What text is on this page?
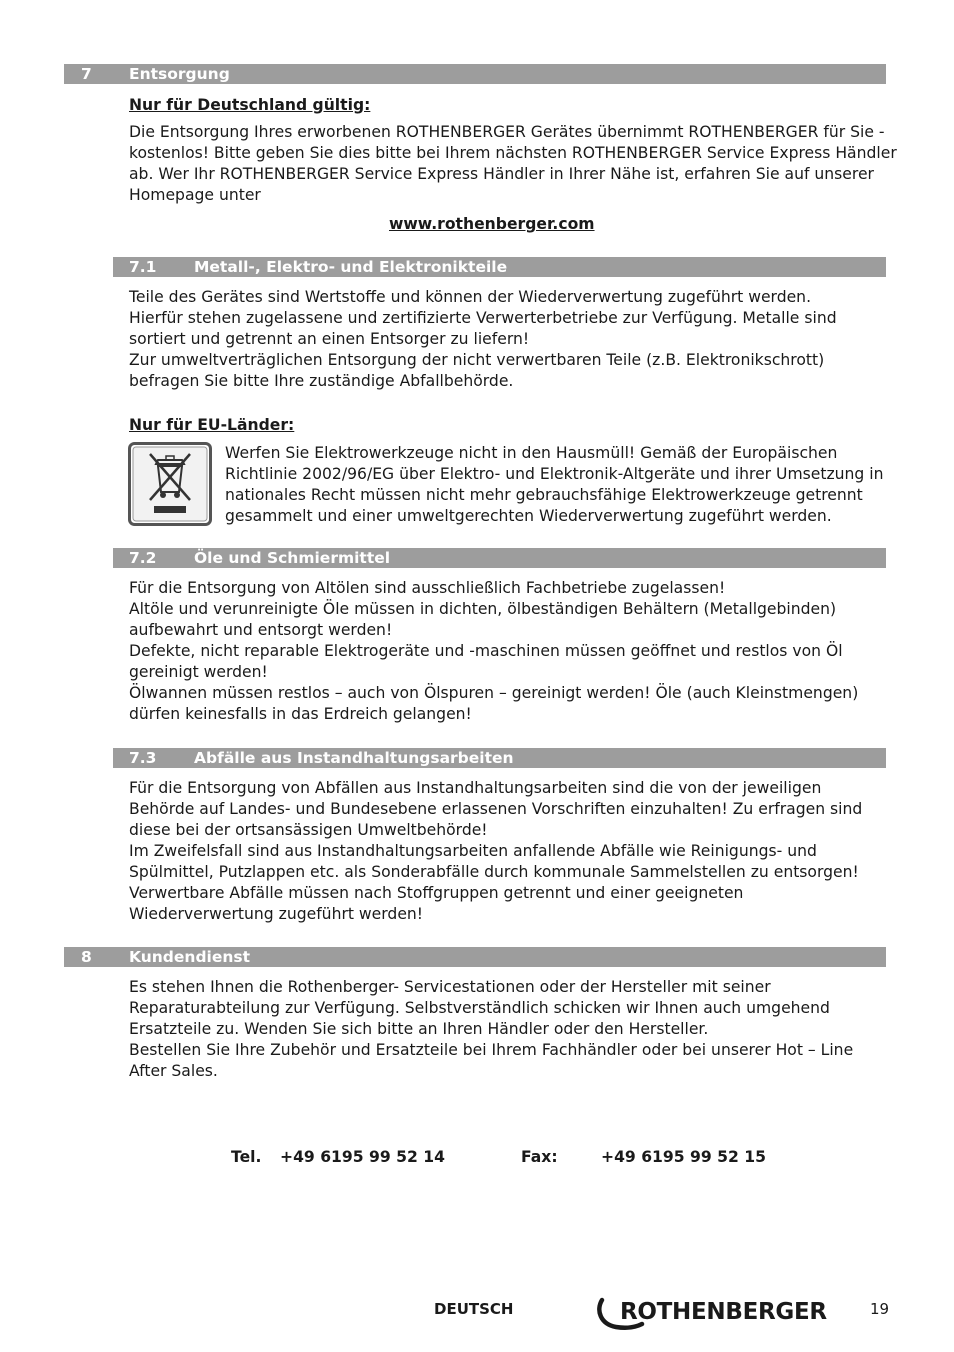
7 Entsorgung
Nur für Deutschland gültig:
Die Entsorgung Ihres erworbenen ROTHENBERGER Gerätes übernimmt ROTHENBERGER für Sie -
kostenlos! Bitte geben Sie dies bitte bei Ihrem nächsten ROTHENBERGER Service Express Händler
ab. Wer Ihr ROTHENBERGER Service Express Händler in Ihrer Nähe ist, erfahren Sie auf unserer
Homepage unter
www.rothenberger.com
7.1 Metall-, Elektro- und Elektronikteile
Teile des Gerätes sind Wertstoffe und können der Wiederverwertung zugeführt werden.
Hierfür stehen zugelassene und zertifizierte Verwerterbetriebe zur Verfügung. Metalle sind
sortiert und getrennt an einen Entsorger zu liefern!
Zur umweltverträglichen Entsorgung der nicht verwertbaren Teile (z.B. Elektronikschrott)
befragen Sie bitte Ihre zuständige Abfallbehörde.
Nur für EU-Länder:
Werfen Sie Elektrowerkzeuge nicht in den Hausmüll! Gemäß der Europäischen
Richtlinie 2002/96/EG über Elektro- und Elektronik-Altgeräte und ihrer Umsetzung in
nationales Recht müssen nicht mehr gebrauchsfähige Elektrowerkzeuge getrennt
gesammelt und einer umweltgerechten Wiederverwertung zugeführt werden.
7.2 Öle und Schmiermittel
Für die Entsorgung von Altölen sind ausschließlich Fachbetriebe zugelassen!
Altöle und verunreinigte Öle müssen in dichten, ölbeständigen Behältern (Metallgebinden)
aufbewahrt und entsorgt werden!
Defekte, nicht reparable Elektrogeräte und -maschinen müssen geöffnet und restlos von Öl
gereinigt werden!
Ölwannen müssen restlos – auch von Ölspuren – gereinigt werden! Öle (auch Kleinstmengen)
dürfen keinesfalls in das Erdreich gelangen!
7.3 Abfälle aus Instandhaltungsarbeiten
Für die Entsorgung von Abfällen aus Instandhaltungsarbeiten sind die von der jeweiligen
Behörde auf Landes- und Bundesebene erlassenen Vorschriften einzuhalten! Zu erfragen sind
diese bei der ortsansässigen Umweltbehörde!
Im Zweifelsfall sind aus Instandhaltungsarbeiten anfallende Abfälle wie Reinigungs- und
Spülmittel, Putzlappen etc. als Sonderabfälle durch kommunale Sammelstellen zu entsorgen!
Verwertbare Abfälle müssen nach Stoffgruppen getrennt und einer geeigneten
Wiederverwertung zugeführt werden!
8 Kundendienst
Es stehen Ihnen die Rothenberger- Servicestationen oder der Hersteller mit seiner
Reparaturabteilung zur Verfügung. Selbstverständlich schicken wir Ihnen auch umgehend
Ersatzteile zu. Wenden Sie sich bitte an Ihren Händler oder den Hersteller.
Bestellen Sie Ihre Zubehör und Ersatzteile bei Ihrem Fachhändler oder bei unserer Hot – Line
After Sales.
Tel. +49 6195 99 52 14	Fax:	+49 6195 99 52 15
DEUTSCH	ROTHENBERGER	19
